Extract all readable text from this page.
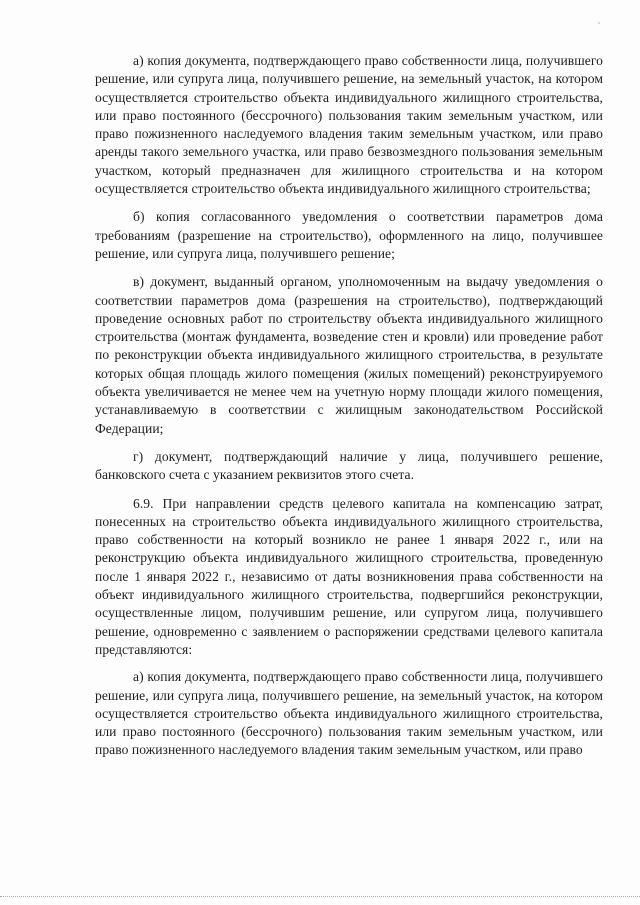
а) копия документа, подтверждающего право собственности лица, получившего решение, или супруга лица, получившего решение, на земельный участок, на котором осуществляется строительство объекта индивидуального жилищного строительства, или право постоянного (бессрочного) пользования таким земельным участком, или право пожизненного наследуемого владения таким земельным участком, или право аренды такого земельного участка, или право безвозмездного пользования земельным участком, который предназначен для жилищного строительства и на котором осуществляется строительство объекта индивидуального жилищного строительства;

б) копия согласованного уведомления о соответствии параметров дома требованиям (разрешение на строительство), оформленного на лицо, получившее решение, или супруга лица, получившего решение;

в) документ, выданный органом, уполномоченным на выдачу уведомления о соответствии параметров дома (разрешения на строительство), подтверждающий проведение основных работ по строительству объекта индивидуального жилищного строительства (монтаж фундамента, возведение стен и кровли) или проведение работ по реконструкции объекта индивидуального жилищного строительства, в результате которых общая площадь жилого помещения (жилых помещений) реконструируемого объекта увеличивается не менее чем на учетную норму площади жилого помещения, устанавливаемую в соответствии с жилищным законодательством Российской Федерации;

г) документ, подтверждающий наличие у лица, получившего решение, банковского счета с указанием реквизитов этого счета.

6.9. При направлении средств целевого капитала на компенсацию затрат, понесенных на строительство объекта индивидуального жилищного строительства, право собственности на который возникло не ранее 1 января 2022 г., или на реконструкцию объекта индивидуального жилищного строительства, проведенную после 1 января 2022 г., независимо от даты возникновения права собственности на объект индивидуального жилищного строительства, подвергшийся реконструкции, осуществленные лицом, получившим решение, или супругом лица, получившего решение, одновременно с заявлением о распоряжении средствами целевого капитала представляются:

а) копия документа, подтверждающего право собственности лица, получившего решение, или супруга лица, получившего решение, на земельный участок, на котором осуществляется строительство объекта индивидуального жилищного строительства, или право постоянного (бессрочного) пользования таким земельным участком, или право пожизненного наследуемого владения таким земельным участком, или право
